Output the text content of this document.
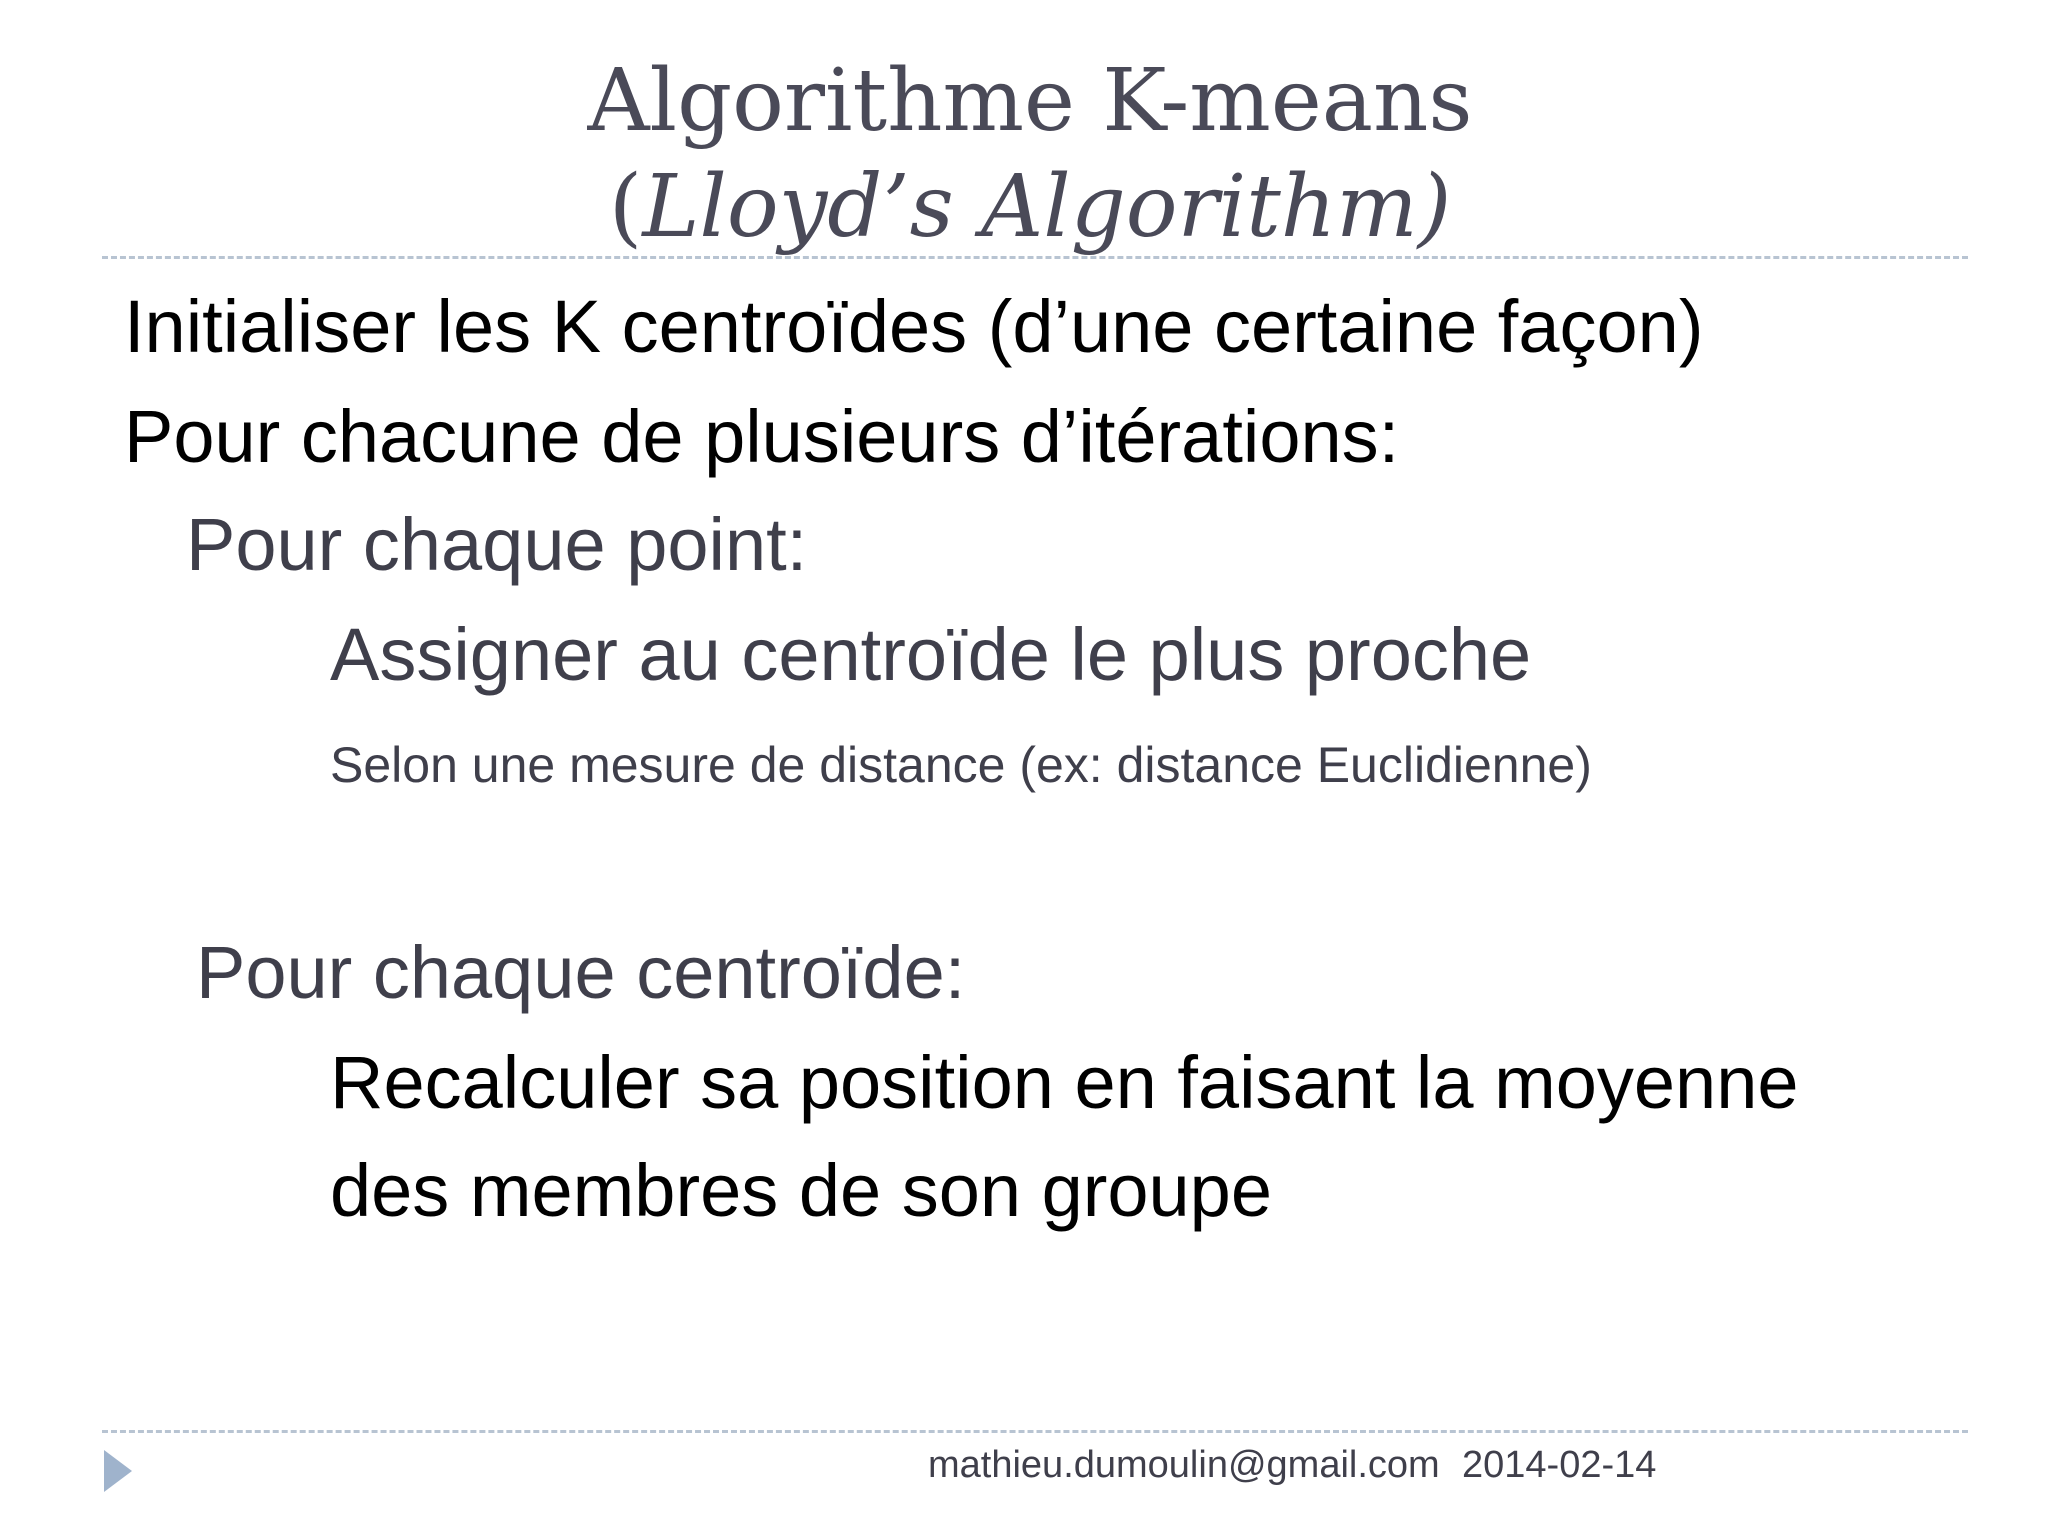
Algorithme K-means
(Lloyd’s Algorithm)
Initialiser les K centroïdes (d’une certaine façon)
Pour chacune de plusieurs d’itérations:
Pour chaque point:
Assigner au centroïde le plus proche
Selon une mesure de distance (ex: distance Euclidienne)
Pour chaque centroïde:
Recalculer sa position en faisant la moyenne
des membres de son groupe
mathieu.dumoulin@gmail.com 2014-02-14
